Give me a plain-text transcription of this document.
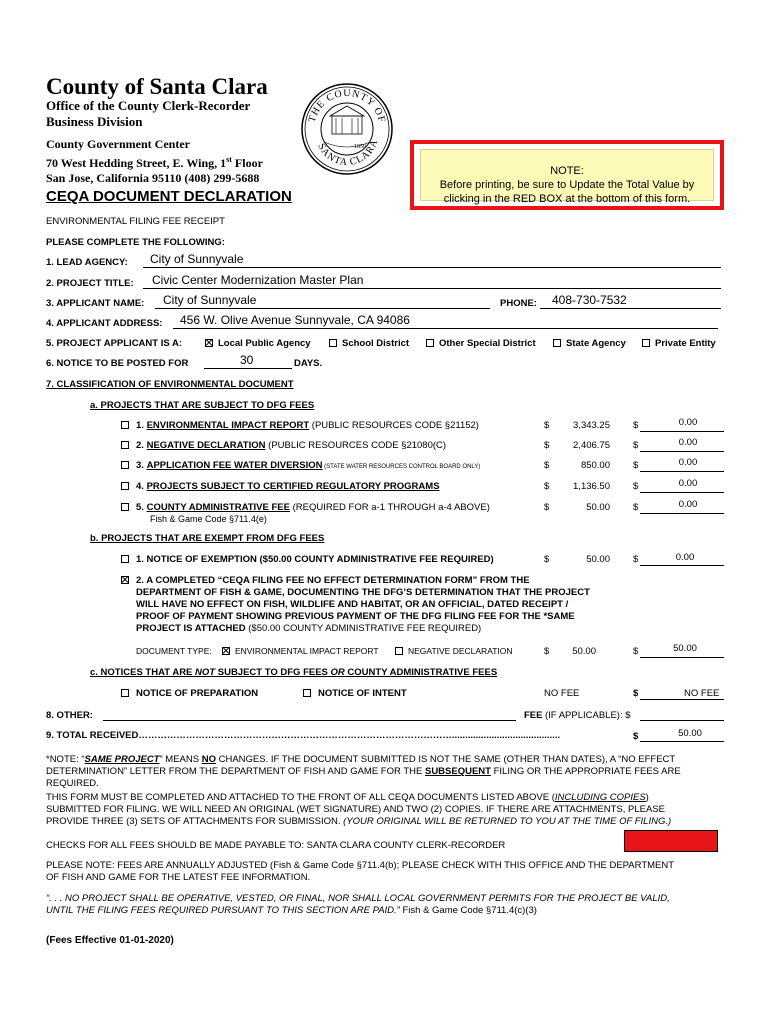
County of Santa Clara
Office of the County Clerk-Recorder
Business Division
County Government Center
70 West Hedding Street, E. Wing, 1st Floor
San Jose, California 95110 (408) 299-5688
THE COUNTY OF
SANTA CLARA
1850
NOTE:
Before printing, be sure to Update the Total Value by
clicking in the RED BOX at the bottom of this form.
CEQA DOCUMENT DECLARATION
ENVIRONMENTAL FILING FEE RECEIPT
PLEASE COMPLETE THE FOLLOWING:
1. LEAD AGENCY: City of Sunnyvale
2. PROJECT TITLE: Civic Center Modernization Master Plan
3. APPLICANT NAME: City of Sunnyvale	PHONE: 408-730-7532
4. APPLICANT ADDRESS: 456 W. Olive Avenue Sunnyvale, CA 94086
5. PROJECT APPLICANT IS A:	Local Public Agency	School District	Other Special District	State Agency	Private Entity
6. NOTICE TO BE POSTED FOR	30	DAYS.
7. CLASSIFICATION OF ENVIRONMENTAL DOCUMENT
a. PROJECTS THAT ARE SUBJECT TO DFG FEES
1. ENVIRONMENTAL IMPACT REPORT (PUBLIC RESOURCES CODE §21152)	$	3,343.25 $	0.00
2. NEGATIVE DECLARATION (PUBLIC RESOURCES CODE §21080(C)	$	2,406.75 $	0.00
3. APPLICATION FEE WATER DIVERSION (STATE WATER RESOURCES CONTROL BOARD ONLY)	$	850.00 $	0.00
4. PROJECTS SUBJECT TO CERTIFIED REGULATORY PROGRAMS	$	1,136.50 $	0.00
5. COUNTY ADMINISTRATIVE FEE (REQUIRED FOR a-1 THROUGH a-4 ABOVE)	$	50.00 $	0.00
Fish & Game Code §711.4(e)
b. PROJECTS THAT ARE EXEMPT FROM DFG FEES
1. NOTICE OF EXEMPTION ($50.00 COUNTY ADMINISTRATIVE FEE REQUIRED)	$	50.00 $	0.00
2. A COMPLETED “CEQA FILING FEE NO EFFECT DETERMINATION FORM” FROM THE
DEPARTMENT OF FISH & GAME, DOCUMENTING THE DFG’S DETERMINATION THAT THE PROJECT
WILL HAVE NO EFFECT ON FISH, WILDLIFE AND HABITAT, OR AN OFFICIAL, DATED RECEIPT /
PROOF OF PAYMENT SHOWING PREVIOUS PAYMENT OF THE DFG FILING FEE FOR THE *SAME
PROJECT IS ATTACHED ($50.00 COUNTY ADMINISTRATIVE FEE REQUIRED)
DOCUMENT TYPE:	ENVIRONMENTAL IMPACT REPORT	NEGATIVE DECLARATION	$	50.00	$	50.00
c. NOTICES THAT ARE NOT SUBJECT TO DFG FEES OR COUNTY ADMINISTRATIVE FEES
NOTICE OF PREPARATION	NOTICE OF INTENT	NO FEE	$	NO FEE
8. OTHER:	FEE (IF APPLICABLE): $
9. TOTAL RECEIVED……………………………………………………………………………………….........................................	$	50.00
*NOTE: “SAME PROJECT” MEANS NO CHANGES. IF THE DOCUMENT SUBMITTED IS NOT THE SAME (OTHER THAN DATES), A “NO EFFECT
DETERMINATION” LETTER FROM THE DEPARTMENT OF FISH AND GAME FOR THE SUBSEQUENT FILING OR THE APPROPRIATE FEES ARE
REQUIRED.
THIS FORM MUST BE COMPLETED AND ATTACHED TO THE FRONT OF ALL CEQA DOCUMENTS LISTED ABOVE (INCLUDING COPIES)
SUBMITTED FOR FILING. WE WILL NEED AN ORIGINAL (WET SIGNATURE) AND TWO (2) COPIES. IF THERE ARE ATTACHMENTS, PLEASE
PROVIDE THREE (3) SETS OF ATTACHMENTS FOR SUBMISSION. (YOUR ORIGINAL WILL BE RETURNED TO YOU AT THE TIME OF FILING.)
CHECKS FOR ALL FEES SHOULD BE MADE PAYABLE TO: SANTA CLARA COUNTY CLERK-RECORDER
PLEASE NOTE: FEES ARE ANNUALLY ADJUSTED (Fish & Game Code §711.4(b); PLEASE CHECK WITH THIS OFFICE AND THE DEPARTMENT
OF FISH AND GAME FOR THE LATEST FEE INFORMATION.
“. . . NO PROJECT SHALL BE OPERATIVE, VESTED, OR FINAL, NOR SHALL LOCAL GOVERNMENT PERMITS FOR THE PROJECT BE VALID,
UNTIL THE FILING FEES REQUIRED PURSUANT TO THIS SECTION ARE PAID.” Fish & Game Code §711.4(c)(3)
(Fees Effective 01-01-2020)
